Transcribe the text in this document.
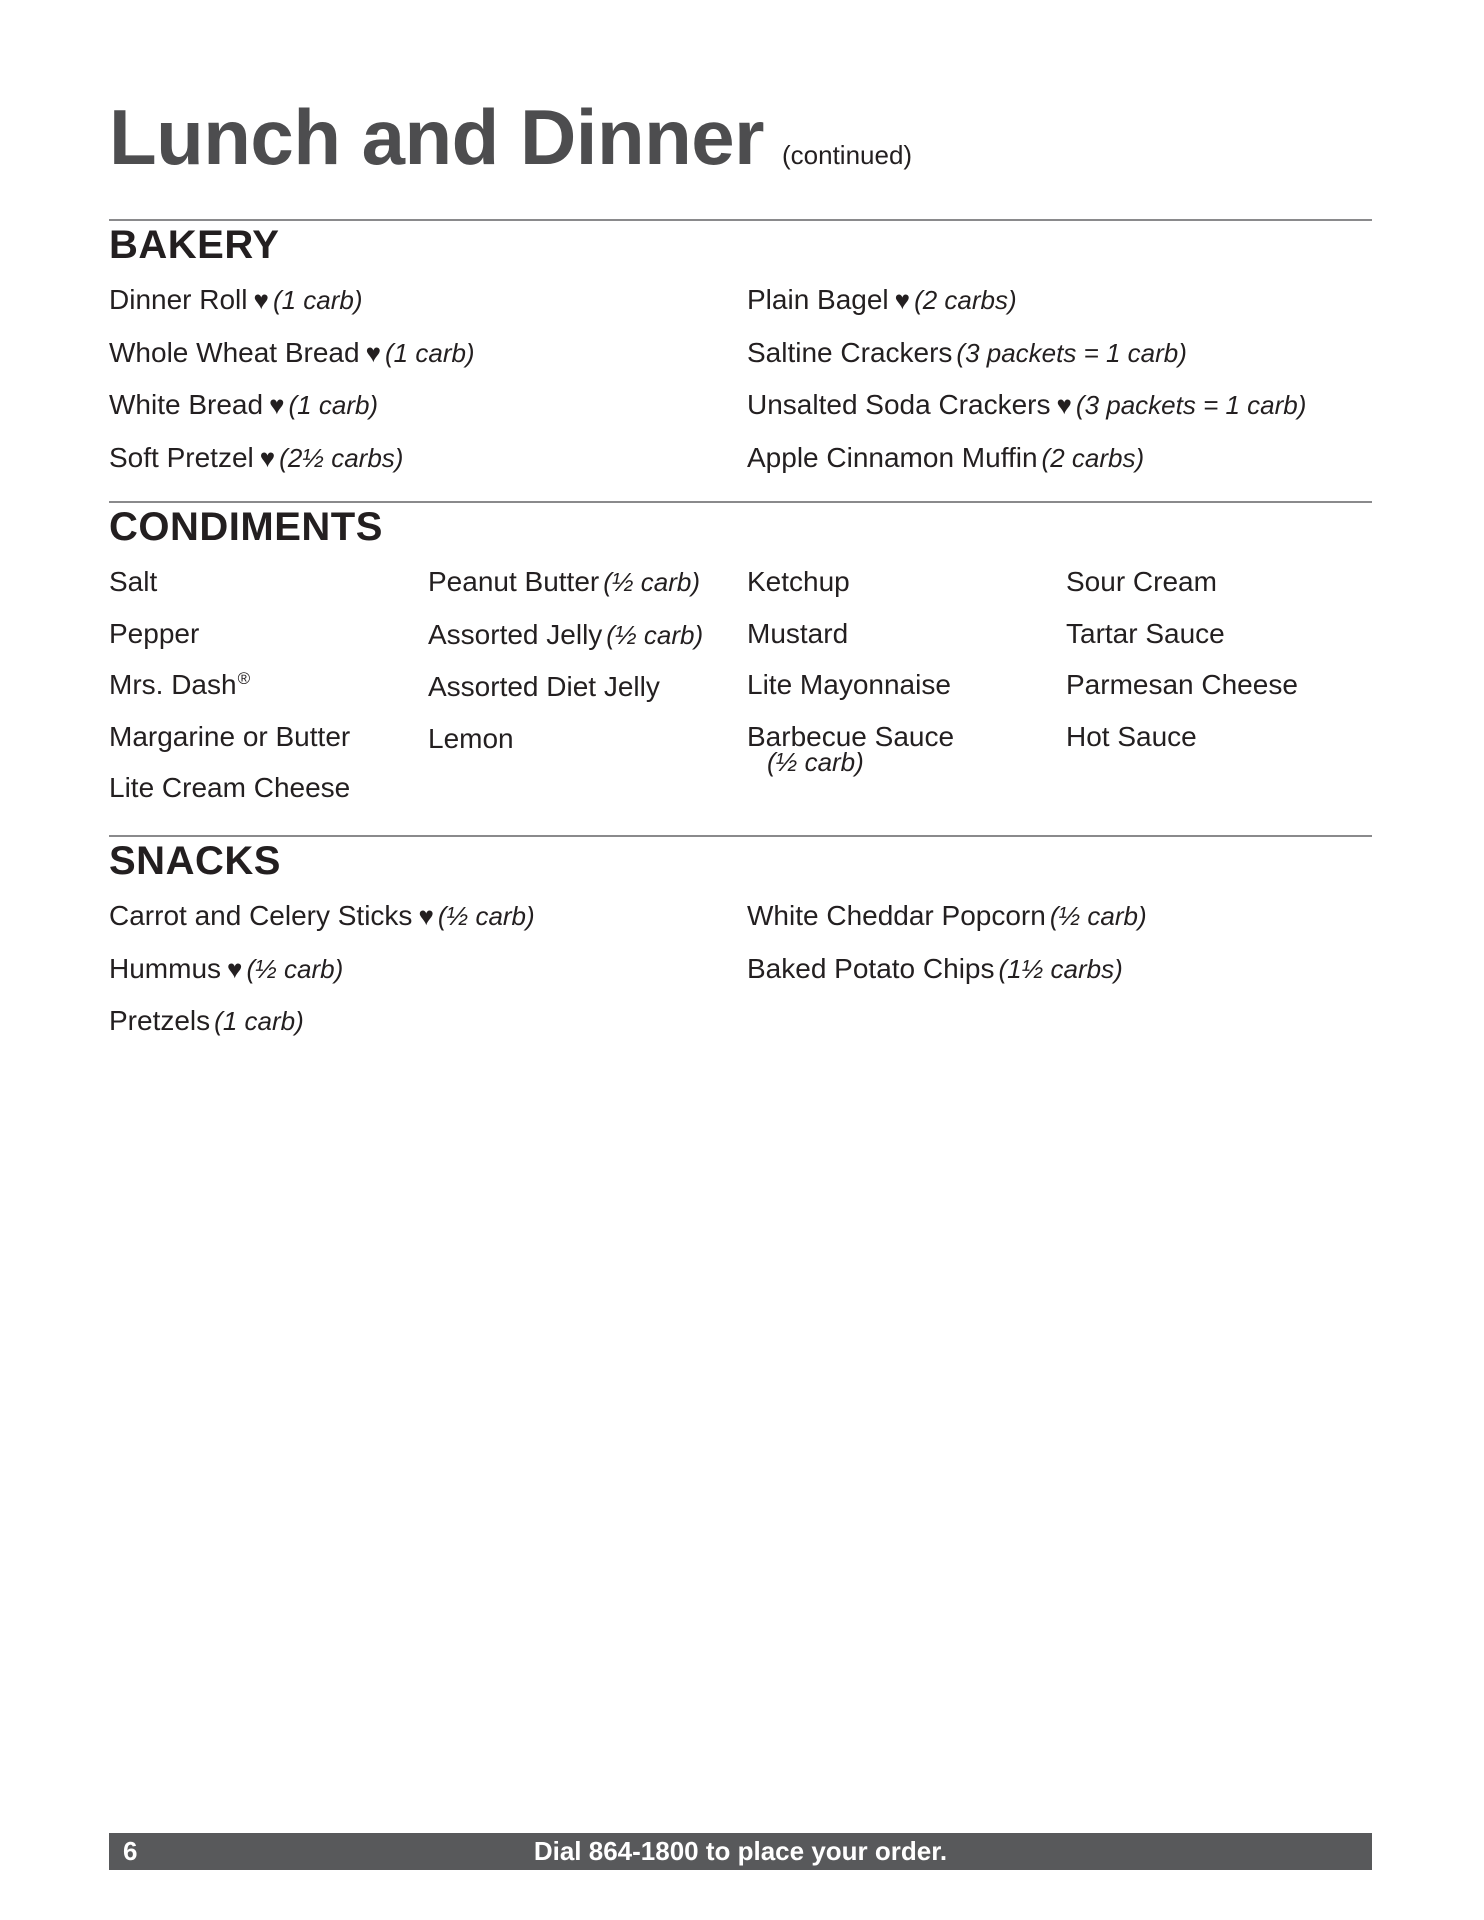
Lunch and Dinner (continued)
BAKERY
Dinner Roll ♥ (1 carb)
Whole Wheat Bread ♥ (1 carb)
White Bread ♥ (1 carb)
Soft Pretzel ♥ (2½ carbs)
Plain Bagel ♥ (2 carbs)
Saltine Crackers (3 packets = 1 carb)
Unsalted Soda Crackers ♥ (3 packets = 1 carb)
Apple Cinnamon Muffin (2 carbs)
CONDIMENTS
Salt
Pepper
Mrs. Dash®
Margarine or Butter
Lite Cream Cheese
Peanut Butter (½ carb)
Assorted Jelly (½ carb)
Assorted Diet Jelly
Lemon
Ketchup
Mustard
Lite Mayonnaise
Barbecue Sauce
(½ carb)
Sour Cream
Tartar Sauce
Parmesan Cheese
Hot Sauce
SNACKS
Carrot and Celery Sticks ♥ (½ carb)
Hummus ♥ (½ carb)
Pretzels (1 carb)
White Cheddar Popcorn (½ carb)
Baked Potato Chips (1½ carbs)
6	Dial 864-1800 to place your order.
